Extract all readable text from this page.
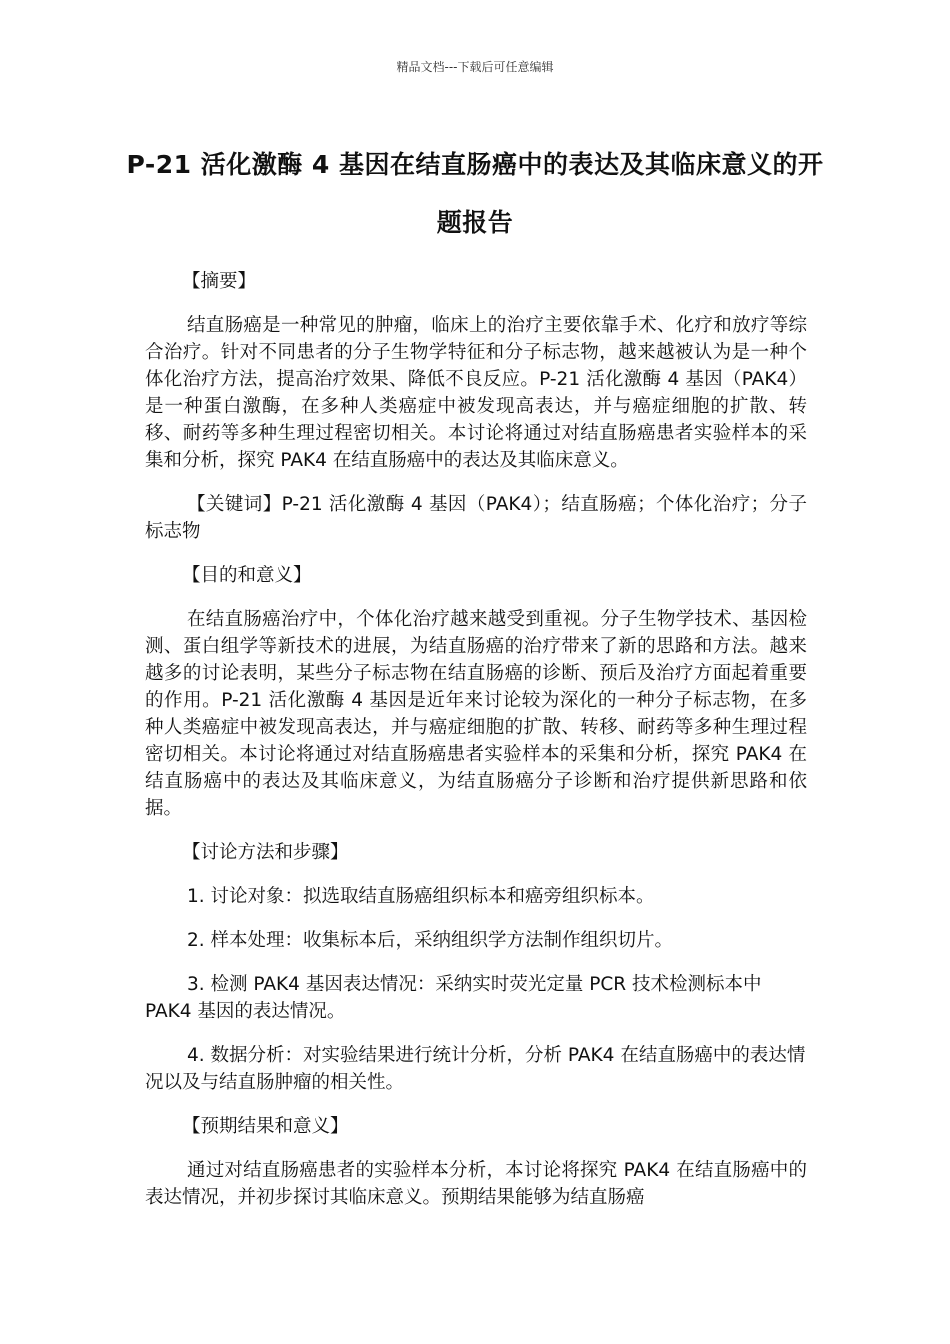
精品文档---下载后可任意编辑
P-21 活化激酶 4 基因在结直肠癌中的表达及其临床意义的开题报告

【摘要】

结直肠癌是一种常见的肿瘤，临床上的治疗主要依靠手术、化疗和放疗等综合治疗。针对不同患者的分子生物学特征和分子标志物，越来越被认为是一种个体化治疗方法，提高治疗效果、降低不良反应。P-21 活化激酶 4 基因（PAK4）是一种蛋白激酶，在多种人类癌症中被发现高表达，并与癌症细胞的扩散、转移、耐药等多种生理过程密切相关。本讨论将通过对结直肠癌患者实验样本的采集和分析，探究 PAK4 在结直肠癌中的表达及其临床意义。

【关键词】P-21 活化激酶 4 基因（PAK4）；结直肠癌；个体化治疗；分子标志物

【目的和意义】

在结直肠癌治疗中，个体化治疗越来越受到重视。分子生物学技术、基因检测、蛋白组学等新技术的进展，为结直肠癌的治疗带来了新的思路和方法。越来越多的讨论表明，某些分子标志物在结直肠癌的诊断、预后及治疗方面起着重要的作用。P-21 活化激酶 4 基因是近年来讨论较为深化的一种分子标志物，在多种人类癌症中被发现高表达，并与癌症细胞的扩散、转移、耐药等多种生理过程密切相关。本讨论将通过对结直肠癌患者实验样本的采集和分析，探究 PAK4 在结直肠癌中的表达及其临床意义，为结直肠癌分子诊断和治疗提供新思路和依据。

【讨论方法和步骤】

1. 讨论对象：拟选取结直肠癌组织标本和癌旁组织标本。

2. 样本处理：收集标本后，采纳组织学方法制作组织切片。

3. 检测 PAK4 基因表达情况：采纳实时荧光定量 PCR 技术检测标本中 PAK4 基因的表达情况。

4. 数据分析：对实验结果进行统计分析，分析 PAK4 在结直肠癌中的表达情况以及与结直肠肿瘤的相关性。

【预期结果和意义】

通过对结直肠癌患者的实验样本分析，本讨论将探究 PAK4 在结直肠癌中的表达情况，并初步探讨其临床意义。预期结果能够为结直肠癌
